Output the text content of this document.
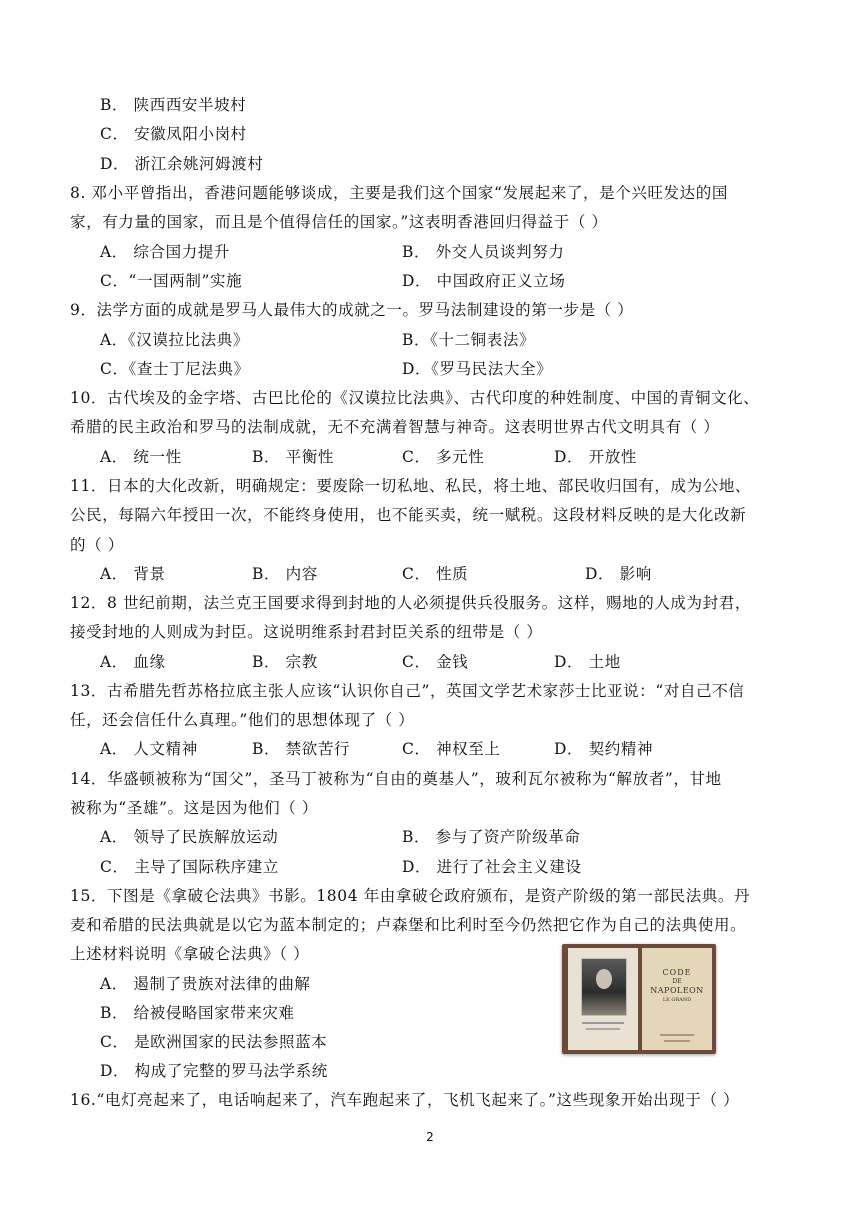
B． 陕西西安半坡村
C． 安徽凤阳小岗村
D． 浙江余姚河姆渡村
8. 邓小平曾指出，香港问题能够谈成，主要是我们这个国家“发展起来了，是个兴旺发达的国
家，有力量的国家，而且是个值得信任的国家。”这表明香港回归得益于（ ）
A． 综合国力提升	B． 外交人员谈判努力
C．“一国两制”实施	D． 中国政府正义立场
9．法学方面的成就是罗马人最伟大的成就之一。罗马法制建设的第一步是（ ）
A．《汉谟拉比法典》	B．《十二铜表法》
C．《查士丁尼法典》	D．《罗马民法大全》
10．古代埃及的金字塔、古巴比伦的《汉谟拉比法典》、古代印度的种姓制度、中国的青铜文化、
希腊的民主政治和罗马的法制成就，无不充满着智慧与神奇。这表明世界古代文明具有（ ）
A． 统一性	B． 平衡性	C． 多元性	D． 开放性
11．日本的大化改新，明确规定：要废除一切私地、私民，将土地、部民收归国有，成为公地、
公民，每隔六年授田一次，不能终身使用，也不能买卖，统一赋税。这段材料反映的是大化改新
的（ ）
A． 背景	B． 内容	C． 性质	D． 影响
12．8 世纪前期，法兰克王国要求得到封地的人必须提供兵役服务。这样，赐地的人成为封君，
接受封地的人则成为封臣。这说明维系封君封臣关系的纽带是（ ）
A． 血缘	B． 宗教	C． 金钱	D． 土地
13．古希腊先哲苏格拉底主张人应该“认识你自己”，英国文学艺术家莎士比亚说：“对自己不信
任，还会信任什么真理。”他们的思想体现了（ ）
A． 人文精神	B． 禁欲苦行	C． 神权至上	D． 契约精神
14．华盛顿被称为“国父”，圣马丁被称为“自由的奠基人”，玻利瓦尔被称为“解放者”，甘地
被称为“圣雄”。这是因为他们（ ）
A． 领导了民族解放运动	B． 参与了资产阶级革命
C． 主导了国际秩序建立	D． 进行了社会主义建设
15．下图是《拿破仑法典》书影。1804 年由拿破仑政府颁布，是资产阶级的第一部民法典。丹
麦和希腊的民法典就是以它为蓝本制定的；卢森堡和比利时至今仍然把它作为自己的法典使用。
上述材料说明《拿破仑法典》（ ）
A． 遏制了贵族对法律的曲解
B． 给被侵略国家带来灾难
C． 是欧洲国家的民法参照蓝本
D． 构成了完整的罗马法学系统
CODE
DE
NAPOLEON
LE GRAND
16.“电灯亮起来了，电话响起来了，汽车跑起来了，飞机飞起来了。”这些现象开始出现于（ ）
2
